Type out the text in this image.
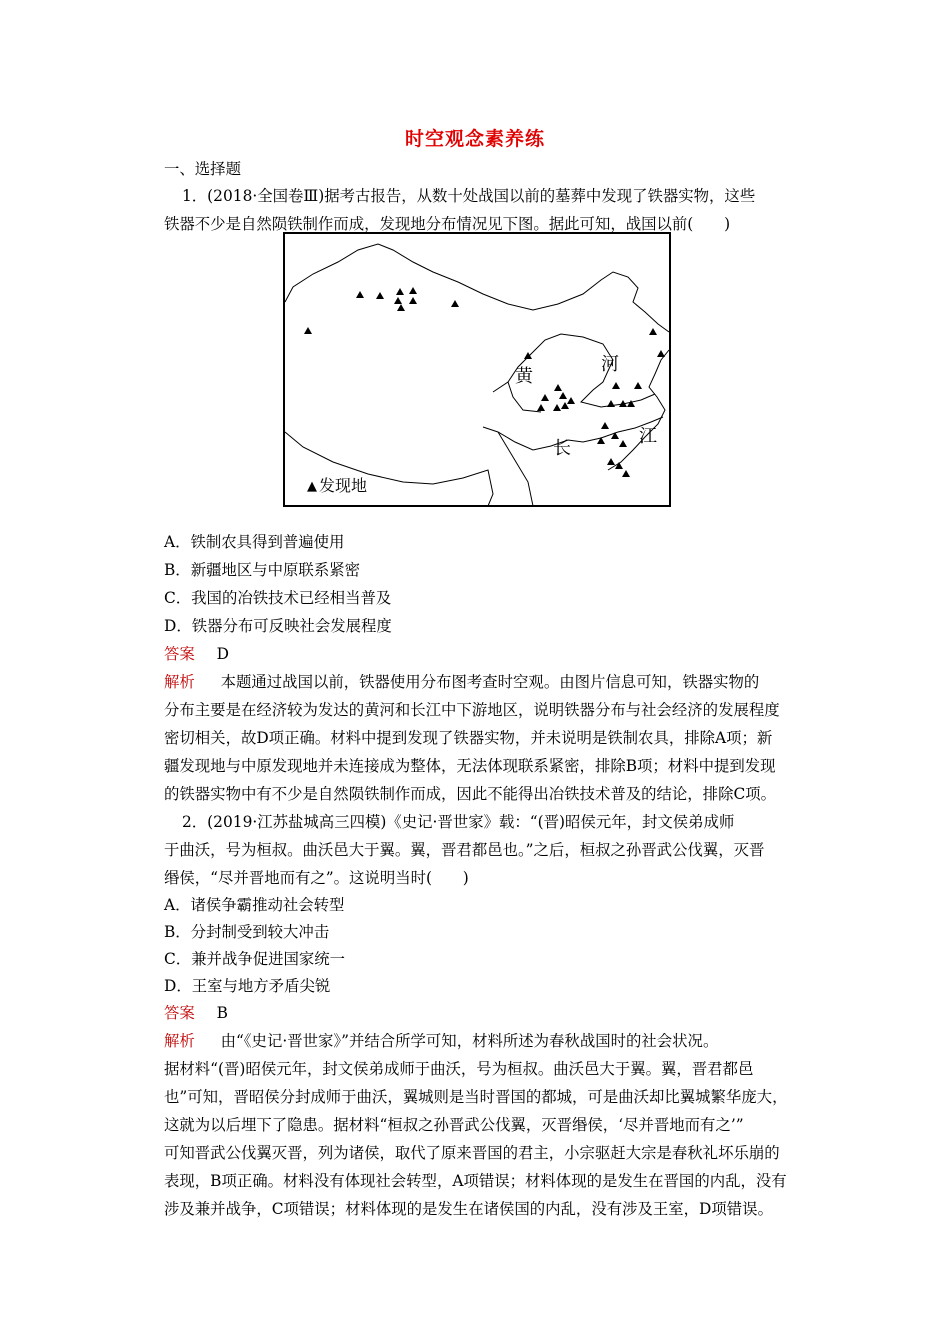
时空观念素养练
一、选择题
1．(2018·全国卷Ⅲ)据考古报告，从数十处战国以前的墓葬中发现了铁器实物，这些
铁器不少是自然陨铁制作而成，发现地分布情况见下图。据此可知，战国以前(　　)
黄
河
长
江
▲ 发现地
A．铁制农具得到普遍使用
B．新疆地区与中原联系紧密
C．我国的冶铁技术已经相当普及
D．铁器分布可反映社会发展程度
答案 D
解析 本题通过战国以前，铁器使用分布图考查时空观。由图片信息可知，铁器实物的
分布主要是在经济较为发达的黄河和长江中下游地区，说明铁器分布与社会经济的发展程度
密切相关，故D项正确。材料中提到发现了铁器实物，并未说明是铁制农具，排除A项；新
疆发现地与中原发现地并未连接成为整体，无法体现联系紧密，排除B项；材料中提到发现
的铁器实物中有不少是自然陨铁制作而成，因此不能得出冶铁技术普及的结论，排除C项。
2．(2019·江苏盐城高三四模)《史记·晋世家》载：“(晋)昭侯元年，封文侯弟成师
于曲沃，号为桓叔。曲沃邑大于翼。翼，晋君都邑也。”之后，桓叔之孙晋武公伐翼，灭晋
缗侯，“尽并晋地而有之”。这说明当时(　　)
A．诸侯争霸推动社会转型
B．分封制受到较大冲击
C．兼并战争促进国家统一
D．王室与地方矛盾尖锐
答案 B
解析 由“《史记·晋世家》”并结合所学可知，材料所述为春秋战国时的社会状况。
据材料“(晋)昭侯元年，封文侯弟成师于曲沃，号为桓叔。曲沃邑大于翼。翼，晋君都邑
也”可知，晋昭侯分封成师于曲沃，翼城则是当时晋国的都城，可是曲沃却比翼城繁华庞大，
这就为以后埋下了隐患。据材料“桓叔之孙晋武公伐翼，灭晋缗侯，‘尽并晋地而有之’”
可知晋武公伐翼灭晋，列为诸侯，取代了原来晋国的君主，小宗驱赶大宗是春秋礼坏乐崩的
表现，B项正确。材料没有体现社会转型，A项错误；材料体现的是发生在晋国的内乱，没有
涉及兼并战争，C项错误；材料体现的是发生在诸侯国的内乱，没有涉及王室，D项错误。
